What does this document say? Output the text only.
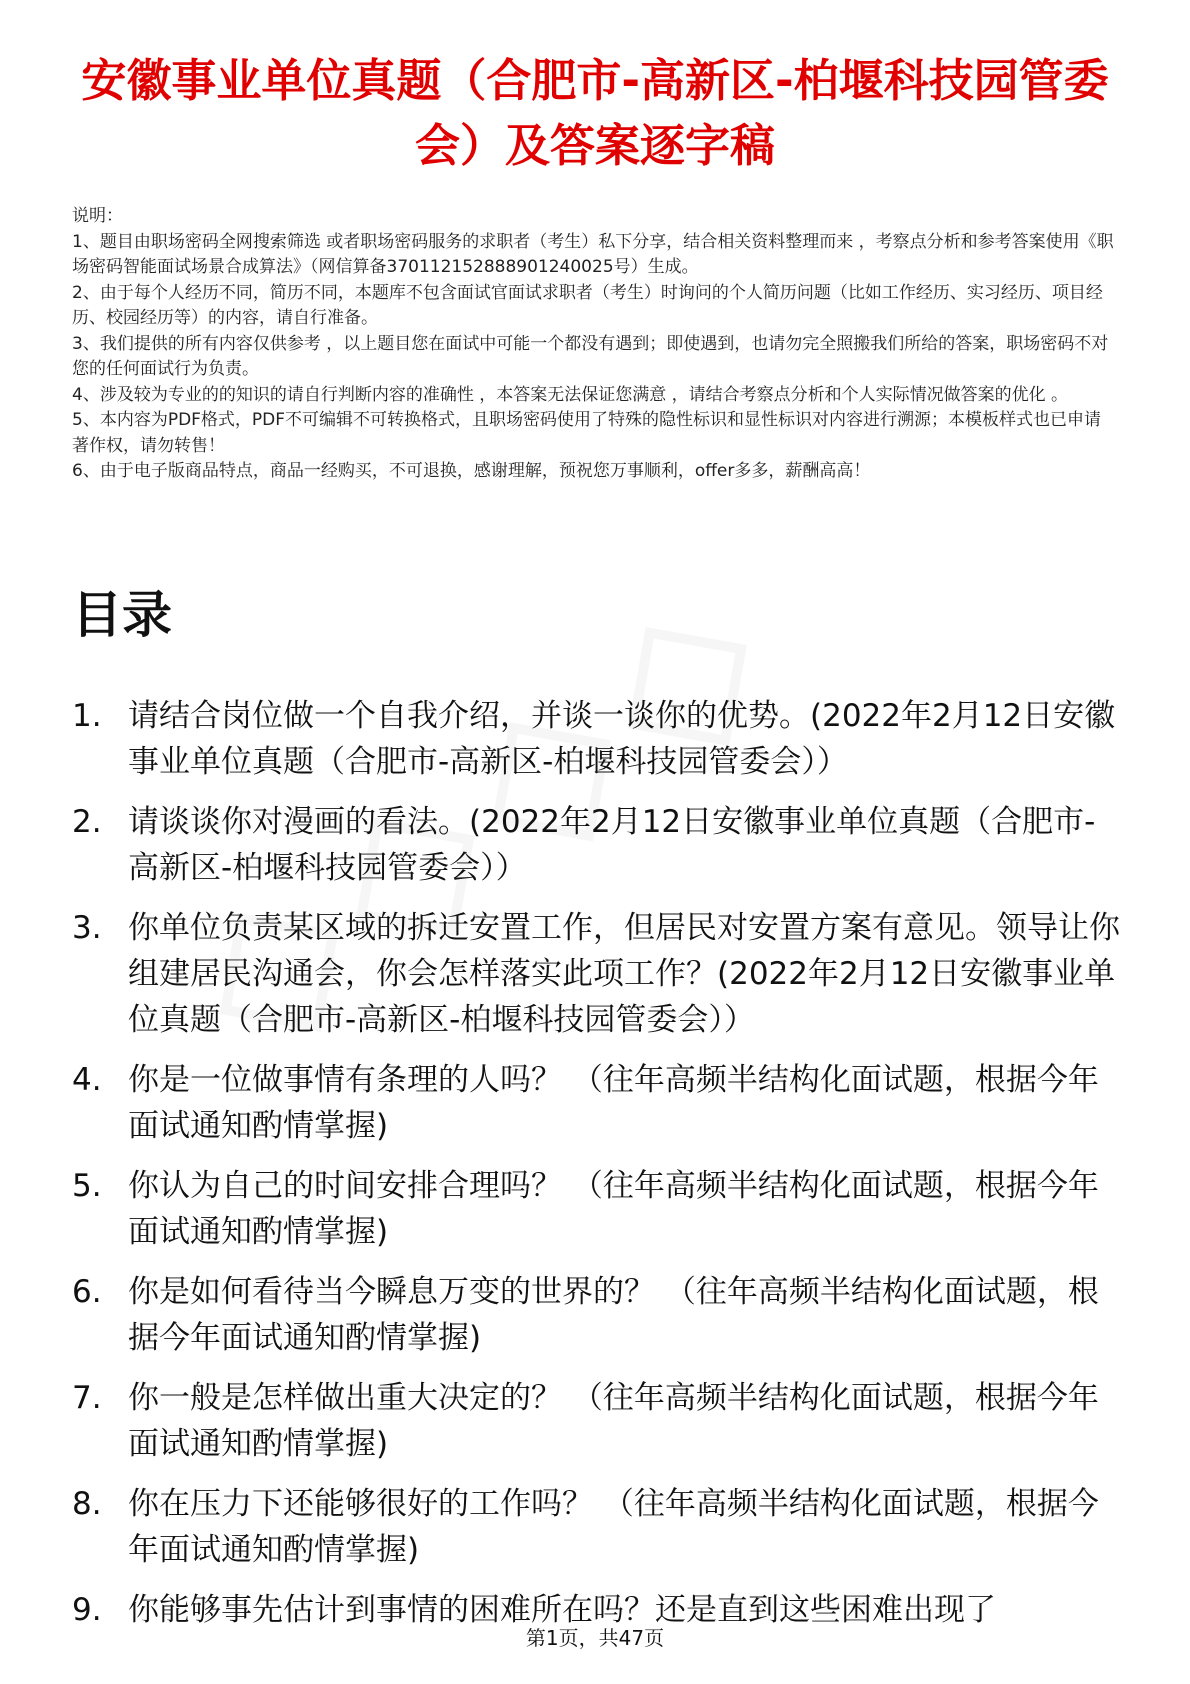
安徽事业单位真题（合肥市-高新区-柏堰科技园管委会）及答案逐字稿

说明：

1、题目由职场密码全网搜索筛选 或者职场密码服务的求职者（考生）私下分享，结合相关资料整理而来 ，考察点分析和参考答案使用《职场密码智能面试场景合成算法》（网信算备370112152888901240025号）生成。

2、由于每个人经历不同，简历不同，本题库不包含面试官面试求职者（考生）时询问的个人简历问题（比如工作经历、实习经历、项目经历、校园经历等）的内容，请自行准备。

3、我们提供的所有内容仅供参考 ，以上题目您在面试中可能一个都没有遇到；即使遇到，也请勿完全照搬我们所给的答案，职场密码不对您的任何面试行为负责。

4、涉及较为专业的的知识的请自行判断内容的准确性 ，本答案无法保证您满意 ，请结合考察点分析和个人实际情况做答案的优化 。

5、本内容为PDF格式，PDF不可编辑不可转换格式，且职场密码使用了特殊的隐性标识和显性标识对内容进行溯源；本模板样式也已申请著作权，请勿转售！

6、由于电子版商品特点，商品一经购买，不可退换，感谢理解，预祝您万事顺利，offer多多，薪酬高高！

目录
1. 请结合岗位做一个自我介绍，并谈一谈你的优势。(2022年2月12日安徽事业单位真题（合肥市-高新区-柏堰科技园管委会））
2. 请谈谈你对漫画的看法。(2022年2月12日安徽事业单位真题（合肥市-高新区-柏堰科技园管委会））
3. 你单位负责某区域的拆迁安置工作，但居民对安置方案有意见。领导让你组建居民沟通会，你会怎样落实此项工作？(2022年2月12日安徽事业单位真题（合肥市-高新区-柏堰科技园管委会））
4. 你是一位做事情有条理的人吗？ （往年高频半结构化面试题，根据今年面试通知酌情掌握)
5. 你认为自己的时间安排合理吗？ （往年高频半结构化面试题，根据今年面试通知酌情掌握)
6. 你是如何看待当今瞬息万变的世界的？ （往年高频半结构化面试题，根据今年面试通知酌情掌握)
7. 你一般是怎样做出重大决定的？ （往年高频半结构化面试题，根据今年面试通知酌情掌握)
8. 你在压力下还能够很好的工作吗？ （往年高频半结构化面试题，根据今年面试通知酌情掌握)
9. 你能够事先估计到事情的困难所在吗？还是直到这些困难出现了
第1页，共47页
